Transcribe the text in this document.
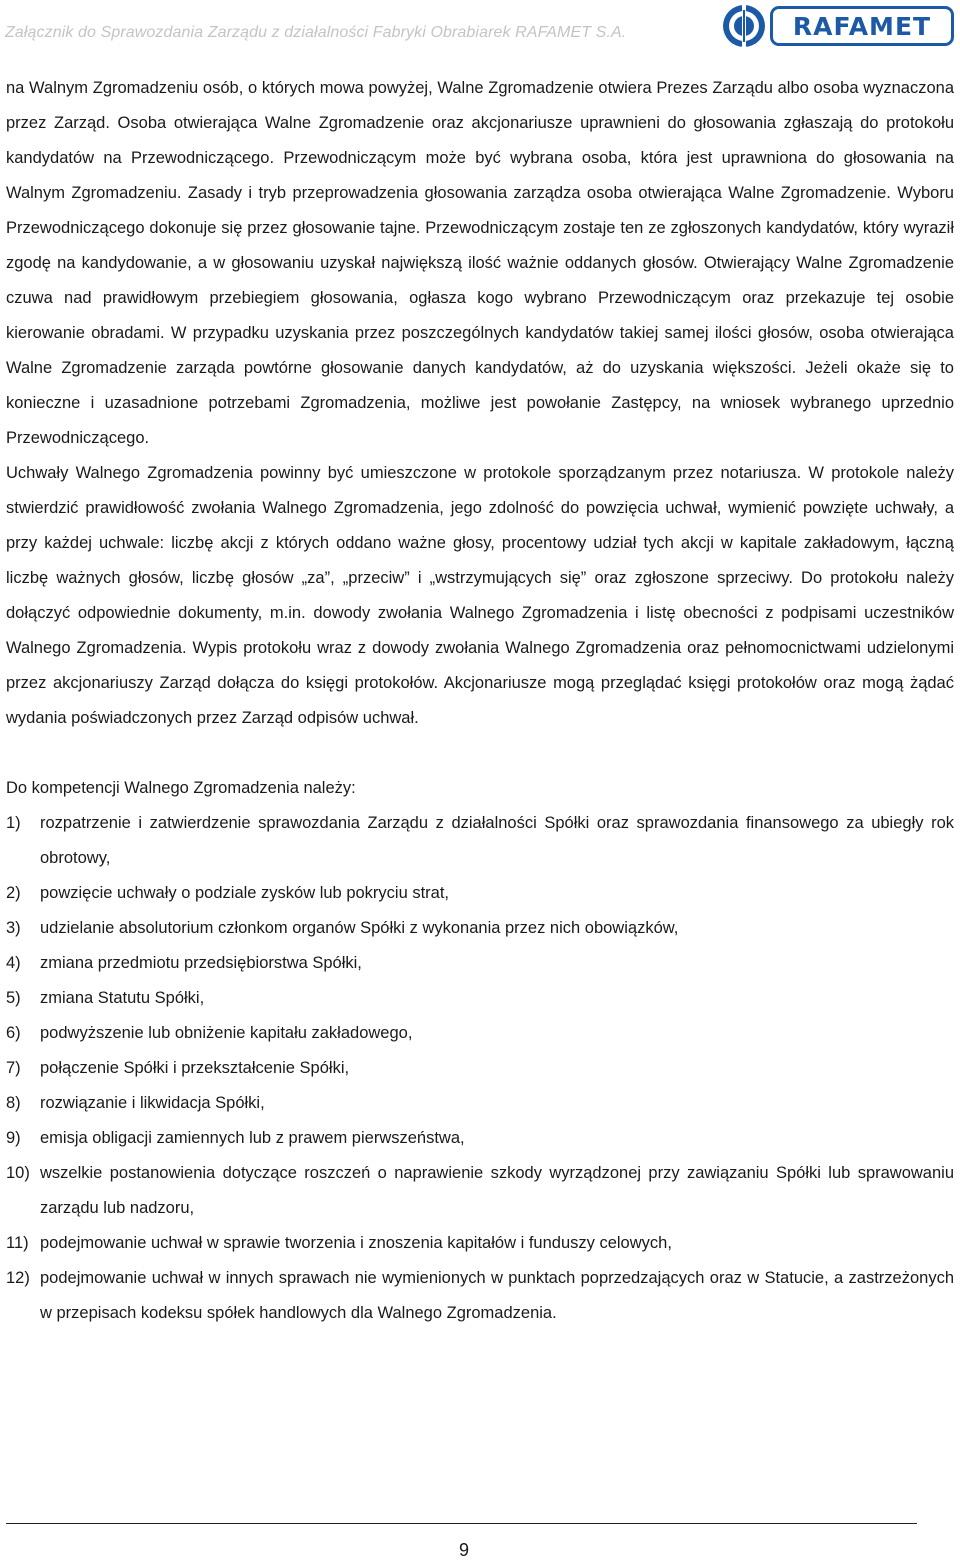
Załącznik do Sprawozdania Zarządu z działalności Fabryki Obrabiarek RAFAMET S.A.	RAFAMET

na Walnym Zgromadzeniu osób, o których mowa powyżej, Walne Zgromadzenie otwiera Prezes Zarządu albo osoba wyznaczona przez Zarząd. Osoba otwierająca Walne Zgromadzenie oraz akcjonariusze uprawnieni do głosowania zgłaszają do protokołu kandydatów na Przewodniczącego. Przewodniczącym może być wybrana osoba, która jest uprawniona do głosowania na Walnym Zgromadzeniu. Zasady i tryb przeprowadzenia głosowania zarządza osoba otwierająca Walne Zgromadzenie. Wyboru Przewodniczącego dokonuje się przez głosowanie tajne. Przewodniczącym zostaje ten ze zgłoszonych kandydatów, który wyraził zgodę na kandydowanie, a w głosowaniu uzyskał największą ilość ważnie oddanych głosów. Otwierający Walne Zgromadzenie czuwa nad prawidłowym przebiegiem głosowania, ogłasza kogo wybrano Przewodniczącym oraz przekazuje tej osobie kierowanie obradami. W przypadku uzyskania przez poszczególnych kandydatów takiej samej ilości głosów, osoba otwierająca Walne Zgromadzenie zarząda powtórne głosowanie danych kandydatów, aż do uzyskania większości. Jeżeli okaże się to konieczne i uzasadnione potrzebami Zgromadzenia, możliwe jest powołanie Zastępcy, na wniosek wybranego uprzednio Przewodniczącego.

Uchwały Walnego Zgromadzenia powinny być umieszczone w protokole sporządzanym przez notariusza. W protokole należy stwierdzić prawidłowość zwołania Walnego Zgromadzenia, jego zdolność do powzięcia uchwał, wymienić powzięte uchwały, a przy każdej uchwale: liczbę akcji z których oddano ważne głosy, procentowy udział tych akcji w kapitale zakładowym, łączną liczbę ważnych głosów, liczbę głosów „za”, „przeciw” i „wstrzymujących się” oraz zgłoszone sprzeciwy. Do protokołu należy dołączyć odpowiednie dokumenty, m.in. dowody zwołania Walnego Zgromadzenia i listę obecności z podpisami uczestników Walnego Zgromadzenia. Wypis protokołu wraz z dowody zwołania Walnego Zgromadzenia oraz pełnomocnictwami udzielonymi przez akcjonariuszy Zarząd dołącza do księgi protokołów. Akcjonariusze mogą przeglądać księgi protokołów oraz mogą żądać wydania poświadczonych przez Zarząd odpisów uchwał.

Do kompetencji Walnego Zgromadzenia należy:

1)	rozpatrzenie i zatwierdzenie sprawozdania Zarządu z działalności Spółki oraz sprawozdania finansowego za ubiegły rok obrotowy,
2)	powzięcie uchwały o podziale zysków lub pokryciu strat,
3)	udzielanie absolutorium członkom organów Spółki z wykonania przez nich obowiązków,
4)	zmiana przedmiotu przedsiębiorstwa Spółki,
5)	zmiana Statutu Spółki,
6)	podwyższenie lub obniżenie kapitału zakładowego,
7)	połączenie Spółki i przekształcenie Spółki,
8)	rozwiązanie i likwidacja Spółki,
9)	emisja obligacji zamiennych lub z prawem pierwszeństwa,
10) wszelkie postanowienia dotyczące roszczeń o naprawienie szkody wyrządzonej przy zawiązaniu Spółki lub sprawowaniu zarządu lub nadzoru,
11) podejmowanie uchwał w sprawie tworzenia i znoszenia kapitałów i funduszy celowych,
12) podejmowanie uchwał w innych sprawach nie wymienionych w punktach poprzedzających oraz w Statucie, a zastrzeżonych w przepisach kodeksu spółek handlowych dla Walnego Zgromadzenia.
9
